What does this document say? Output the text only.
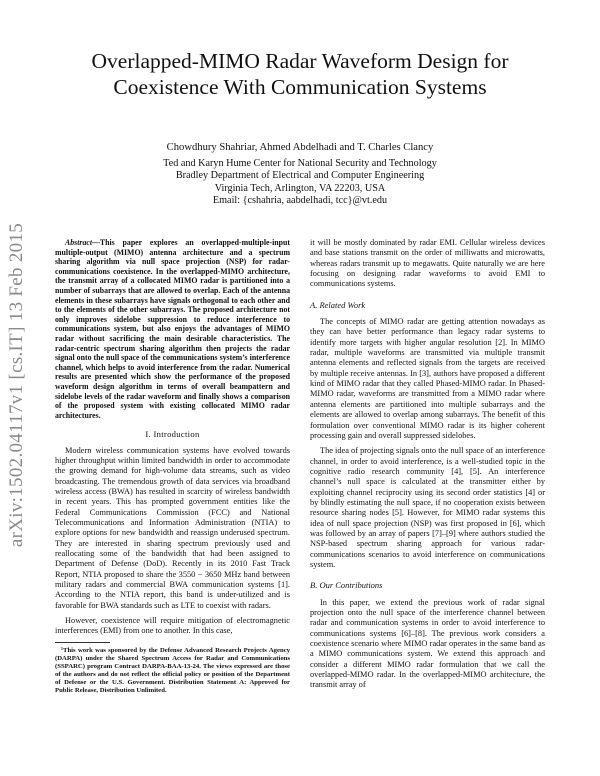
arXiv:1502.04117v1 [cs.IT] 13 Feb 2015
Overlapped-MIMO Radar Waveform Design for Coexistence With Communication Systems
Chowdhury Shahriar, Ahmed Abdelhadi and T. Charles Clancy
Ted and Karyn Hume Center for National Security and Technology
Bradley Department of Electrical and Computer Engineering
Virginia Tech, Arlington, VA 22203, USA
Email: {cshahria, aabdelhadi, tcc}@vt.edu

Abstract—This paper explores an overlapped-multiple-input multiple-output (MIMO) antenna architecture and a spectrum sharing algorithm via null space projection (NSP) for radar-communications coexistence. In the overlapped-MIMO architecture, the transmit array of a collocated MIMO radar is partitioned into a number of subarrays that are allowed to overlap. Each of the antenna elements in these subarrays have signals orthogonal to each other and to the elements of the other subarrays. The proposed architecture not only improves sidelobe suppression to reduce interference to communications system, but also enjoys the advantages of MIMO radar without sacrificing the main desirable characteristics. The radar-centric spectrum sharing algorithm then projects the radar signal onto the null space of the communications system’s interference channel, which helps to avoid interference from the radar. Numerical results are presented which show the performance of the proposed waveform design algorithm in terms of overall beampattern and sidelobe levels of the radar waveform and finally shows a comparison of the proposed system with existing collocated MIMO radar architectures.

I. Introduction

Modern wireless communication systems have evolved towards higher throughput within limited bandwidth in order to accommodate the growing demand for high-volume data streams, such as video broadcasting. The tremendous growth of data services via broadband wireless access (BWA) has resulted in scarcity of wireless bandwidth in recent years. This has prompted government entities like the Federal Communications Commission (FCC) and National Telecommunications and Information Administration (NTIA) to explore options for new bandwidth and reassign underused spectrum. They are interested in sharing spectrum previously used and reallocating some of the bandwidth that had been assigned to Department of Defense (DoD). Recently in its 2010 Fast Track Report, NTIA proposed to share the 3550 − 3650 MHz band between military radars and commercial BWA communication systems [1]. According to the NTIA report, this band is under-utilized and is favorable for BWA standards such as LTE to coexist with radars.

However, coexistence will require mitigation of electromagnetic interferences (EMI) from one to another. In this case,

¹This work was sponsored by the Defense Advanced Research Projects Agency (DARPA) under the Shared Spectrum Access for Radar and Communications (SSPARC) program Contract DARPA-BAA-13-24. The views expressed are those of the authors and do not reflect the official policy or position of the Department of Defense or the U.S. Government. Distribution Statement A: Approved for Public Release, Distribution Unlimited.

it will be mostly dominated by radar EMI. Cellular wireless devices and base stations transmit on the order of milliwatts and microwatts, whereas radars transmit up to megawatts. Quite naturally we are here focusing on designing radar waveforms to avoid EMI to communications systems.

A. Related Work

The concepts of MIMO radar are getting attention nowadays as they can have better performance than legacy radar systems to identify more targets with higher angular resolution [2]. In MIMO radar, multiple waveforms are transmitted via multiple transmit antenna elements and reflected signals from the targets are received by multiple receive antennas. In [3], authors have proposed a different kind of MIMO radar that they called Phased-MIMO radar. In Phased-MIMO radar, waveforms are transmitted from a MIMO radar where antenna elements are partitioned into multiple subarrays and the elements are allowed to overlap among subarrays. The benefit of this formulation over conventional MIMO radar is its higher coherent processing gain and overall suppressed sidelobes.

The idea of projecting signals onto the null space of an interference channel, in order to avoid interference, is a well-studied topic in the cognitive radio research community [4], [5]. An interference channel’s null space is calculated at the transmitter either by exploiting channel reciprocity using its second order statistics [4] or by blindly estimating the null space, if no cooperation exists between resource sharing nodes [5]. However, for MIMO radar systems this idea of null space projection (NSP) was first proposed in [6], which was followed by an array of papers [7]–[9] where authors studied the NSP-based spectrum sharing approach for various radar-communications scenarios to avoid interference on communications system.

B. Our Contributions

In this paper, we extend the previous work of radar signal projection onto the null space of the interference channel between radar and communication systems in order to avoid interference to communications systems [6]–[8]. The previous work considers a coexistence scenario where MIMO radar operates in the same band as a MIMO communications system. We extend this approach and consider a different MIMO radar formulation that we call the overlapped-MIMO radar. In the overlapped-MIMO architecture, the transmit array of
